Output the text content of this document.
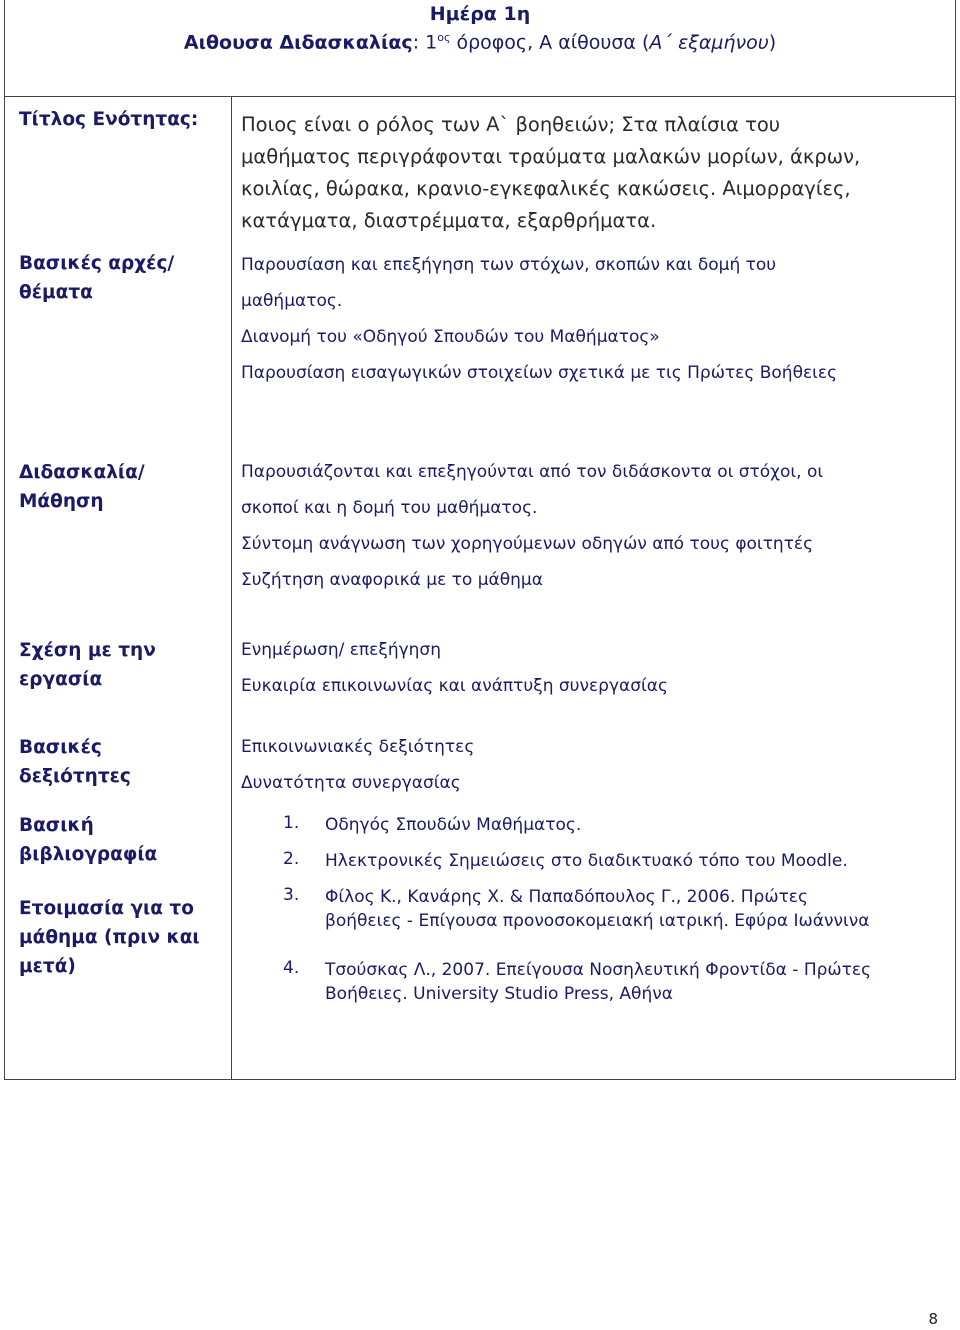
Ημέρα 1η
Αιθουσα Διδασκαλίας: $1^{o\varsigma}$ όροφος, Α αίθουσα (Α΄ εξαμήνου)
Τίτλος Ενότητας:
Βασικές αρχές/
θέματα
Διδασκαλία/
Μάθηση
Σχέση με την
εργασία
Βασικές
δεξιότητες
Βασική
βιβλιογραφία
Ετοιμασία για το
μάθημα (πριν και
μετά)
Ποιος είναι ο ρόλος των Α` βοηθειών; Στα πλαίσια του
μαθήματος περιγράφονται τραύματα μαλακών μορίων, άκρων,
κοιλίας, θώρακα, κρανιο-εγκεφαλικές κακώσεις. Αιμορραγίες,
κατάγματα, διαστρέμματα, εξαρθρήματα.
Παρουσίαση και επεξήγηση των στόχων, σκοπών και δομή του
μαθήματος.
Διανομή του «Οδηγού Σπουδών του Μαθήματος»
Παρουσίαση εισαγωγικών στοιχείων σχετικά με τις Πρώτες Βοήθειες
Παρουσιάζονται και επεξηγούνται από τον διδάσκοντα οι στόχοι, οι
σκοποί και η δομή του μαθήματος.
Σύντομη ανάγνωση των χορηγούμενων οδηγών από τους φοιτητές
Συζήτηση αναφορικά με το μάθημα
Ενημέρωση/ επεξήγηση
Ευκαιρία επικοινωνίας και ανάπτυξη συνεργασίας
Επικοινωνιακές δεξιότητες
Δυνατότητα συνεργασίας
1. Οδηγός Σπουδών Μαθήματος.
2. Ηλεκτρονικές Σημειώσεις στο διαδικτυακό τόπο του Moodle.
3. Φίλος Κ., Κανάρης Χ. & Παπαδόπουλος Γ., 2006. Πρώτες βοήθειες - Επίγουσα προνοσοκομειακή ιατρική. Εφύρα Ιωάννινα
4. Τσούσκας Λ., 2007. Επείγουσα Νοσηλευτική Φροντίδα - Πρώτες Βοήθειες. University Studio Press, Αθήνα
8
